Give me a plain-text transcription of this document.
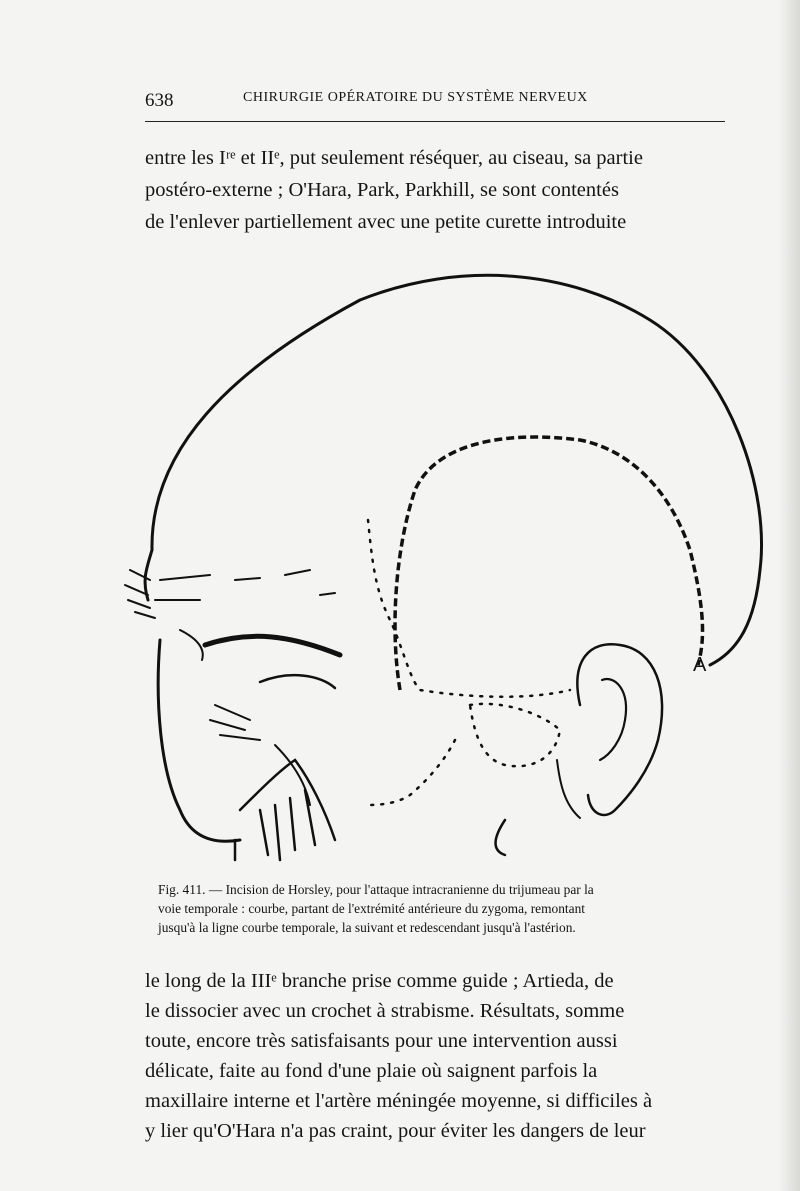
638	CHIRURGIE OPÉRATOIRE DU SYSTÈME NERVEUX
entre les Iʳᵉ et IIᵉ, put seulement réséquer, au ciseau, sa partie
postéro-externe ; O'Hara, Park, Parkhill, se sont contentés
de l'enlever partiellement avec une petite curette introduite
A
Fig. 411. — Incision de Horsley, pour l'attaque intracranienne du trijumeau par la
voie temporale : courbe, partant de l'extrémité antérieure du zygoma, remontant
jusqu'à la ligne courbe temporale, la suivant et redescendant jusqu'à l'astérion.
le long de la IIIᵉ branche prise comme guide ; Artieda, de
le dissocier avec un crochet à strabisme. Résultats, somme
toute, encore très satisfaisants pour une intervention aussi
délicate, faite au fond d'une plaie où saignent parfois la
maxillaire interne et l'artère méningée moyenne, si difficiles à
y lier qu'O'Hara n'a pas craint, pour éviter les dangers de leur
